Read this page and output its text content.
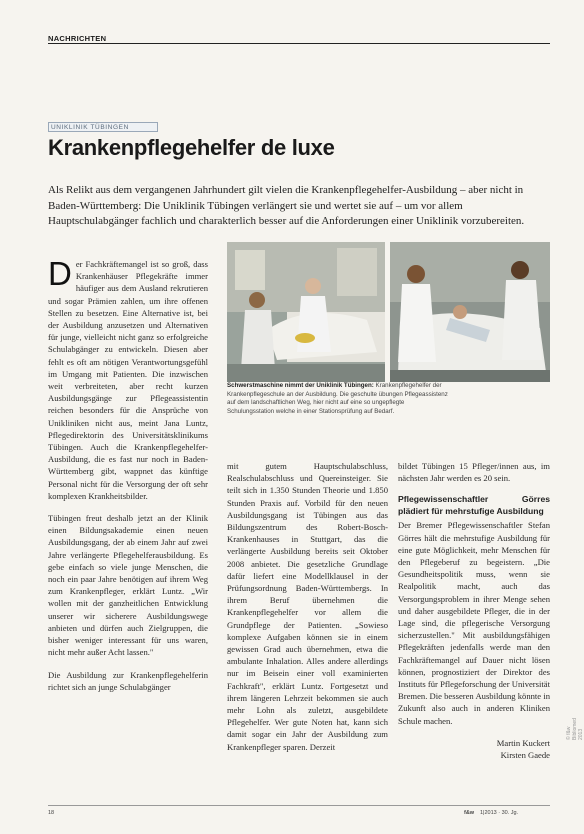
NACHRICHTEN
UNIKLINIK TÜBINGEN
Krankenpflegehelfer de luxe
Als Relikt aus dem vergangenen Jahrhundert gilt vielen die Krankenpflegehelfer-Ausbildung – aber nicht in Baden-Württemberg: Die Uniklinik Tübingen verlängert sie und wertet sie auf – um vor allem Hauptschulabgänger fachlich und charakterlich besser auf die Anforderungen einer Uniklinik vorzubereiten.

Der Fachkräftemangel ist so groß, dass Krankenhäuser Pflegekräfte immer häufiger aus dem Ausland rekrutieren und sogar Prämien zahlen, um ihre offenen Stellen zu besetzen. Eine Alternative ist, bei der Ausbildung anzusetzen und Alternativen für junge, vielleicht nicht ganz so erfolgreiche Schulabgänger zu entwickeln. Diesen aber fehlt es oft am nötigen Verantwortungsgefühl im Umgang mit Patienten. Die inzwischen weit verbreiteten, aber recht kurzen Ausbildungsgänge zur Pflegeassistentin reichen besonders für die Ansprüche von Unikliniken nicht aus, meint Jana Luntz, Pflegedirektorin des Universitätsklinikums Tübingen. Auch die Krankenpflegehelfer-Ausbildung, die es fast nur noch in Baden-Württemberg gibt, wappnet das künftige Personal nicht für die Versorgung der oft sehr komplexen Krankheitsbilder.

Tübingen freut deshalb jetzt an der Klinik einen Bildungsakademie einen neuen Ausbildungsgang, der ab einem Jahr auf zwei Jahre verlängerte Pflegehelferausbildung. Es gebe einfach so viele junge Menschen, die noch ein paar Jahre benötigen auf ihrem Weg zum Krankenpfleger, erklärt Luntz. „Wir wollen mit der ganzheitlichen Entwicklung unserer wir sicherere Ausbildungswege anbieten und dürfen auch Zielgruppen, die bisher weniger interessant für uns waren, nicht mehr außer Acht lassen."

Die Ausbildung zur Krankenpflegehelferin richtet sich an junge Schulabgänger

Schwerstmaschine nimmt der Uniklinik Tübingen: Krankenpflegehelfer der Krankenpflegeschule an der Ausbildung. Die geschulte übungen Pflegeassistenz auf dem landschaftlichen Weg, hier nicht auf eine so ungepflegte Schulungsstation welche in einer Stationsprüfung auf Bedarf.

mit gutem Hauptschulabschluss, Realschulabschluss und Quereinsteiger. Sie teilt sich in 1.350 Stunden Theorie und 1.850 Stunden Praxis auf. Vorbild für den neuen Ausbildungsgang ist Tübingen aus das Bildungszentrum des Robert-Bosch-Krankenhauses in Stuttgart, das die verlängerte Ausbildung bereits seit Oktober 2008 anbietet. Die gesetzliche Grundlage dafür liefert eine Modellklausel in der Prüfungsordnung Baden-Württembergs. In ihrem Beruf übernehmen die Krankenpflegehelfer vor allem die Grundpflege der Patienten. „Sowieso komplexe Aufgaben können sie in einem gewissen Grad auch übernehmen, etwa die ambulante Inhalation. Alles andere allerdings nur im Beisein einer voll examinierten Fachkraft", erklärt Luntz. Fortgesetzt und ihrem längeren Lehrzeit bekommen sie auch mehr Lohn als zuletzt, ausgebildete Pflegehelfer. Wer gute Noten hat, kann sich damit sogar ein Jahr der Ausbildung zum Krankenpfleger sparen. Derzeit

bildet Tübingen 15 Pfleger/innen aus, im nächsten Jahr werden es 20 sein.

Pflegewissenschaftler Görres plädiert für mehrstufige Ausbildung

Der Bremer Pflegewissenschaftler Stefan Görres hält die mehrstufige Ausbildung für eine gute Möglichkeit, mehr Menschen für den Pflegeberuf zu begeistern. „Die Gesundheitspolitik muss, wenn sie Realpolitik macht, auch das Versorgungsproblem in ihrer Menge sehen und daher ausgebildete Pfleger, die in der Lage sind, die pflegerische Versorgung sicherzustellen." Mit ausbildungsfähigen Pflegekräften jedenfalls werde man den Fachkräftemangel auf Dauer nicht lösen können, prognostiziert der Direktor des Instituts für Pflegeforschung der Universität Bremen. Die besseren Ausbildung könnte in Zukunft also auch in anderen Kliniken Schule machen.

Martin Kuckert
Kirsten Gaede
© f&w Bibliomed 2013
18	f&w 1|2013 · 30. Jg.
